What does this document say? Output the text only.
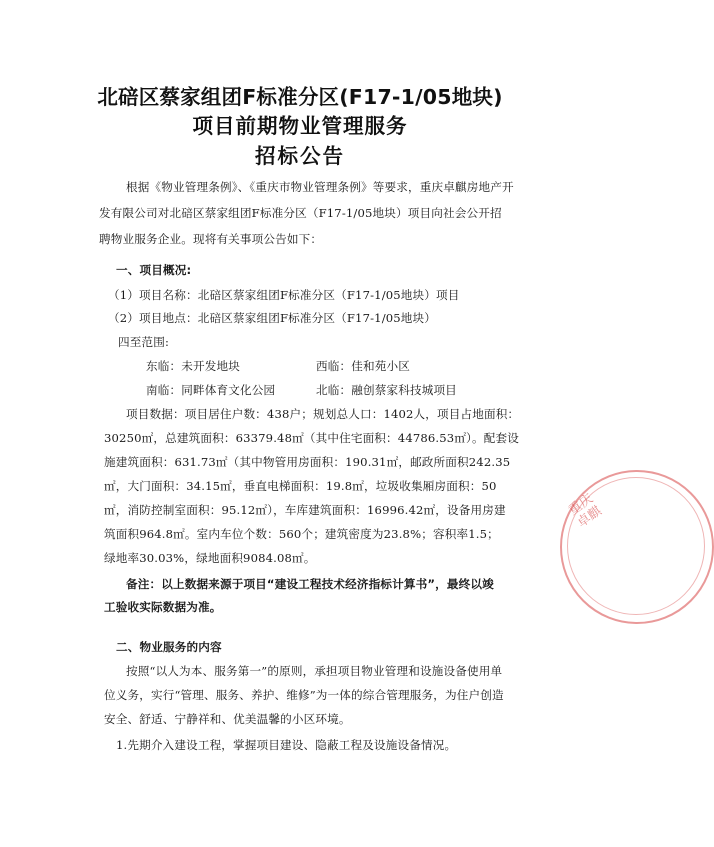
北碚区蔡家组团F标准分区(F17-1/05地块)
项目前期物业管理服务
招标公告
根据《物业管理条例》、《重庆市物业管理条例》等要求，重庆卓麒房地产开
发有限公司对北碚区蔡家组团F标准分区（F17-1/05地块）项目向社会公开招
聘物业服务企业。现将有关事项公告如下：
一、项目概况:
（1）项目名称：北碚区蔡家组团F标准分区（F17-1/05地块）项目
（2）项目地点：北碚区蔡家组团F标准分区（F17-1/05地块）
四至范围:
东临：未开发地块	西临：佳和苑小区
南临：同畔体育文化公园	北临：融创蔡家科技城项目
项目数据：项目居住户数：438户；规划总人口：1402人，项目占地面积：
30250㎡，总建筑面积：63379.48㎡（其中住宅面积：44786.53㎡）。配套设
施建筑面积：631.73㎡（其中物管用房面积：190.31㎡，邮政所面积242.35
㎡，大门面积：34.15㎡，垂直电梯面积：19.8㎡，垃圾收集厢房面积：50
㎡，消防控制室面积：95.12㎡），车库建筑面积：16996.42㎡，设备用房建
筑面积964.8㎡。室内车位个数：560个；建筑密度为23.8%；容积率1.5；
绿地率30.03%，绿地面积9084.08㎡。
备注：以上数据来源于项目“建设工程技术经济指标计算书”，最终以竣
工验收实际数据为准。
二、物业服务的内容
按照“以人为本、服务第一”的原则，承担项目物业管理和设施设备使用单
位义务，实行“管理、服务、养护、维修”为一体的综合管理服务，为住户创造
安全、舒适、宁静祥和、优美温馨的小区环境。
1.先期介入建设工程，掌握项目建设、隐蔽工程及设施设备情况。
重庆卓麒
